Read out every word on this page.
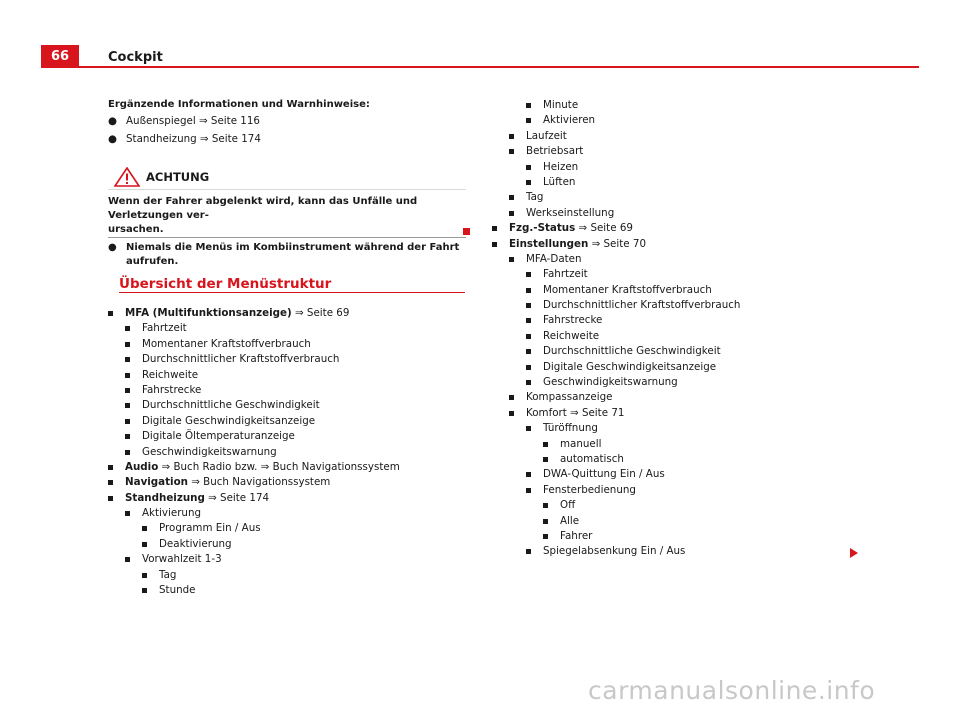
66	Cockpit
Ergänzende Informationen und Warnhinweise:
● Außenspiegel ⇒ Seite 116
● Standheizung ⇒ Seite 174
ACHTUNG
Wenn der Fahrer abgelenkt wird, kann das Unfälle und Verletzungen ver-
ursachen.
● Niemals die Menüs im Kombiinstrument während der Fahrt aufrufen.
Übersicht der Menüstruktur
MFA (Multifunktionsanzeige) ⇒ Seite 69
Fahrtzeit
Momentaner Kraftstoffverbrauch
Durchschnittlicher Kraftstoffverbrauch
Reichweite
Fahrstrecke
Durchschnittliche Geschwindigkeit
Digitale Geschwindigkeitsanzeige
Digitale Öltemperaturanzeige
Geschwindigkeitswarnung
Audio ⇒ Buch Radio bzw. ⇒ Buch Navigationssystem
Navigation ⇒ Buch Navigationssystem
Standheizung ⇒ Seite 174
Aktivierung
Programm Ein / Aus
Deaktivierung
Vorwahlzeit 1-3
Tag
Stunde
Minute
Aktivieren
Laufzeit
Betriebsart
Heizen
Lüften
Tag
Werkseinstellung
Fzg.-Status ⇒ Seite 69
Einstellungen ⇒ Seite 70
MFA-Daten
Fahrtzeit
Momentaner Kraftstoffverbrauch
Durchschnittlicher Kraftstoffverbrauch
Fahrstrecke
Reichweite
Durchschnittliche Geschwindigkeit
Digitale Geschwindigkeitsanzeige
Geschwindigkeitswarnung
Kompassanzeige
Komfort ⇒ Seite 71
Türöffnung
manuell
automatisch
DWA-Quittung Ein / Aus
Fensterbedienung
Off
Alle
Fahrer
Spiegelabsenkung Ein / Aus
carmanualsonline.info
